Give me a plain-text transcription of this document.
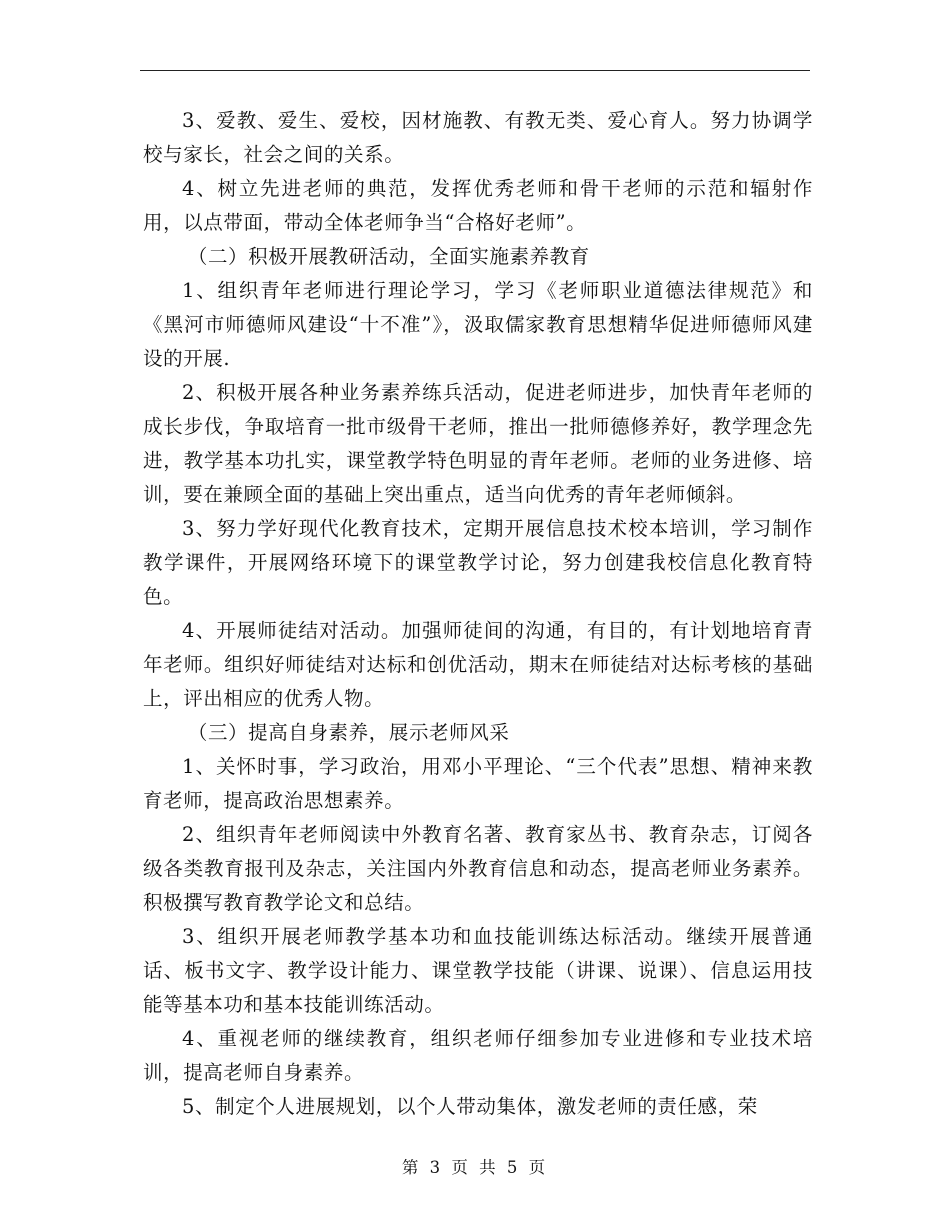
3、爱教、爱生、爱校，因材施教、有教无类、爱心育人。努力协调学校与家长，社会之间的关系。

4、树立先进老师的典范，发挥优秀老师和骨干老师的示范和辐射作用，以点带面，带动全体老师争当“合格好老师”。

（二）积极开展教研活动，全面实施素养教育

1、组织青年老师进行理论学习，学习《老师职业道德法律规范》和《黑河市师德师风建设“十不准”》，汲取儒家教育思想精华促进师德师风建设的开展.

2、积极开展各种业务素养练兵活动，促进老师进步，加快青年老师的成长步伐，争取培育一批市级骨干老师，推出一批师德修养好，教学理念先进，教学基本功扎实，课堂教学特色明显的青年老师。老师的业务进修、培训，要在兼顾全面的基础上突出重点，适当向优秀的青年老师倾斜。

3、努力学好现代化教育技术，定期开展信息技术校本培训，学习制作教学课件，开展网络环境下的课堂教学讨论，努力创建我校信息化教育特色。

4、开展师徒结对活动。加强师徒间的沟通，有目的，有计划地培育青年老师。组织好师徒结对达标和创优活动，期末在师徒结对达标考核的基础上，评出相应的优秀人物。

（三）提高自身素养，展示老师风采

1、关怀时事，学习政治，用邓小平理论、“三个代表”思想、精神来教育老师，提高政治思想素养。

2、组织青年老师阅读中外教育名著、教育家丛书、教育杂志，订阅各级各类教育报刊及杂志，关注国内外教育信息和动态，提高老师业务素养。积极撰写教育教学论文和总结。

3、组织开展老师教学基本功和血技能训练达标活动。继续开展普通话、板书文字、教学设计能力、课堂教学技能（讲课、说课）、信息运用技能等基本功和基本技能训练活动。

4、重视老师的继续教育，组织老师仔细参加专业进修和专业技术培训，提高老师自身素养。

5、制定个人进展规划，以个人带动集体，激发老师的责任感，荣

第 3 页 共 5 页
